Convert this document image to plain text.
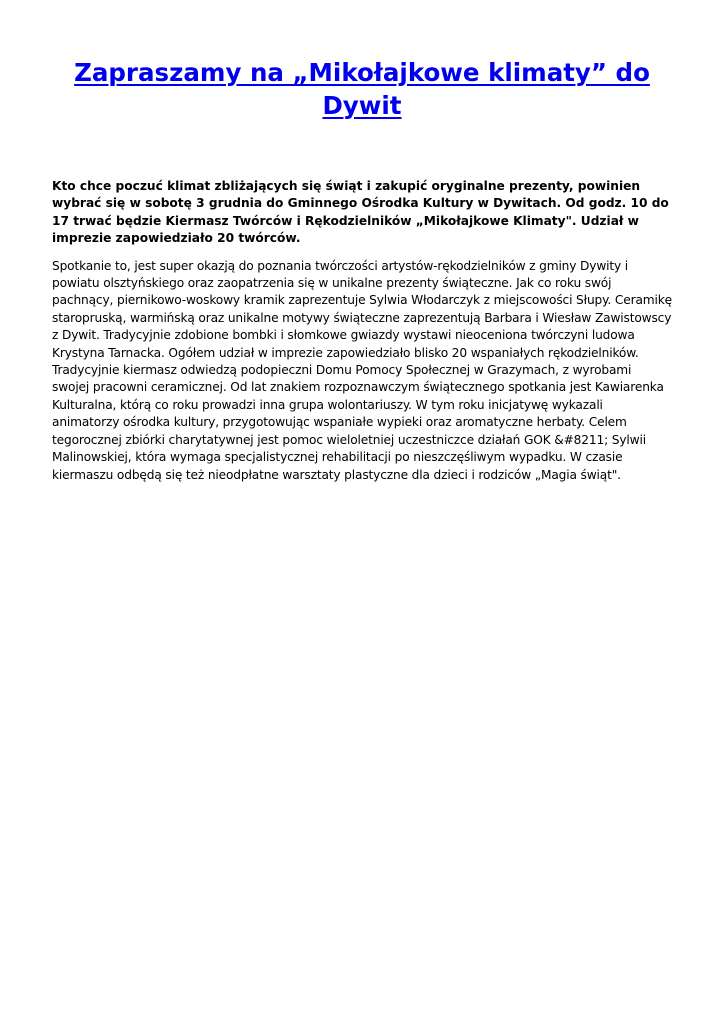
Zapraszamy na „Mikołajkowe klimaty” do Dywit

Kto chce poczuć klimat zbliżających się świąt i zakupić oryginalne prezenty, powinien wybrać się w sobotę 3 grudnia do Gminnego Ośrodka Kultury w Dywitach. Od godz. 10 do 17 trwać będzie Kiermasz Twórców i Rękodzielników „Mikołajkowe Klimaty". Udział w imprezie zapowiedziało 20 twórców.

Spotkanie to, jest super okazją do poznania twórczości artystów-rękodzielników z gminy Dywity i powiatu olsztyńskiego oraz zaopatrzenia się w unikalne prezenty świąteczne. Jak co roku swój pachnący, piernikowo-woskowy kramik zaprezentuje Sylwia Włodarczyk z miejscowości Słupy. Ceramikę staropruską, warmińską oraz unikalne motywy świąteczne zaprezentują Barbara i Wiesław Zawistowscy z Dywit. Tradycyjnie zdobione bombki i słomkowe gwiazdy wystawi nieoceniona twórczyni ludowa Krystyna Tarnacka. Ogółem udział w imprezie zapowiedziało blisko 20 wspaniałych rękodzielników. Tradycyjnie kiermasz odwiedzą podopieczni Domu Pomocy Społecznej w Grazymach, z wyrobami swojej pracowni ceramicznej. Od lat znakiem rozpoznawczym świątecznego spotkania jest Kawiarenka Kulturalna, którą co roku prowadzi inna grupa wolontariuszy. W tym roku inicjatywę wykazali animatorzy ośrodka kultury, przygotowując wspaniałe wypieki oraz aromatyczne herbaty. Celem tegorocznej zbiórki charytatywnej jest pomoc wieloletniej uczestniczce działań GOK &#8211; Sylwii Malinowskiej, która wymaga specjalistycznej rehabilitacji po nieszczęśliwym wypadku. W czasie kiermaszu odbędą się też nieodpłatne warsztaty plastyczne dla dzieci i rodziców „Magia świąt".
